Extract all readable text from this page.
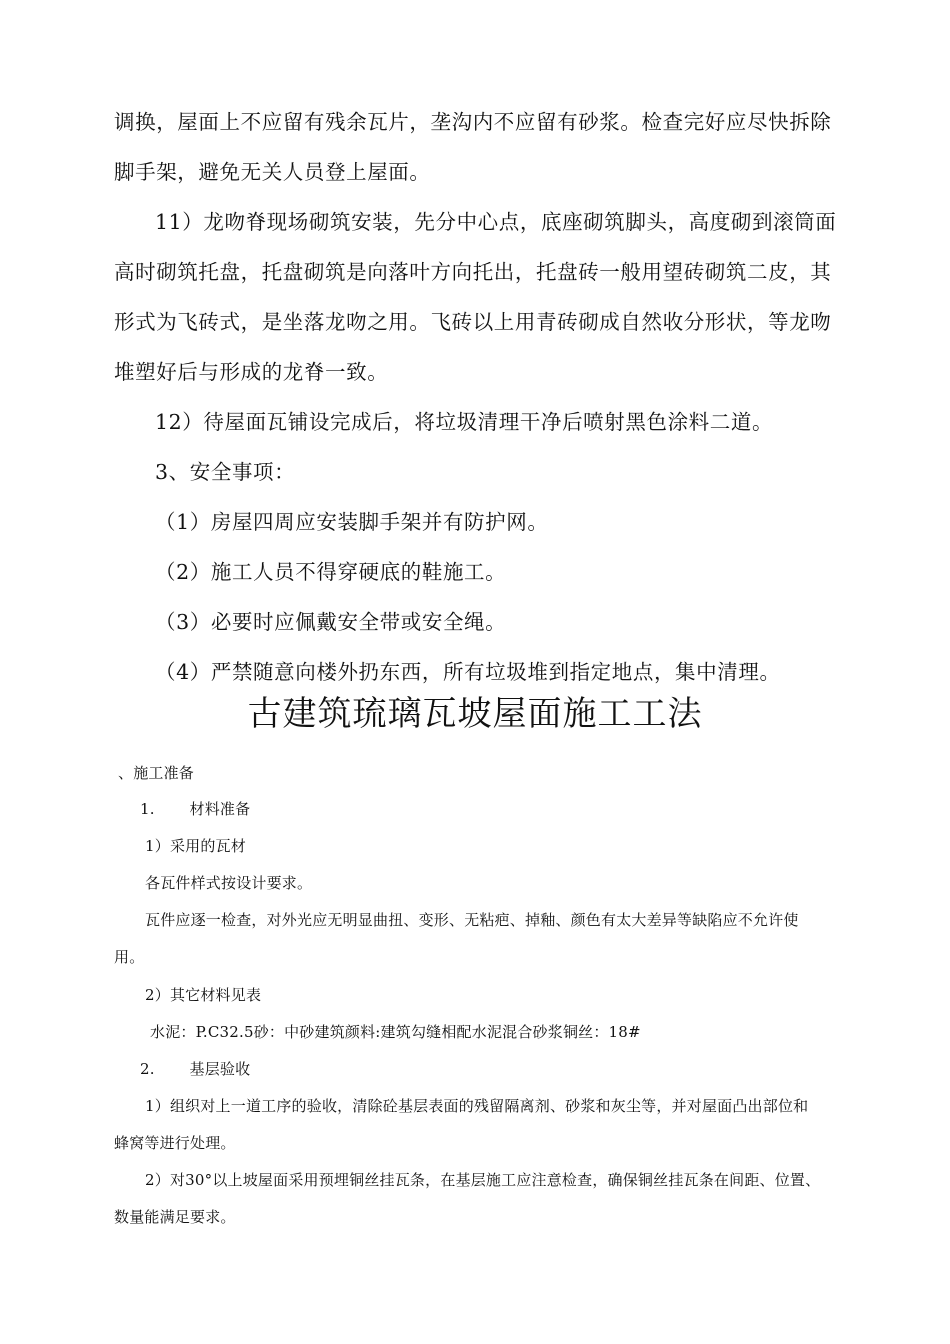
调换，屋面上不应留有残余瓦片，垄沟内不应留有砂浆。检查完好应尽快拆除
脚手架，避免无关人员登上屋面。
11）龙吻脊现场砌筑安装，先分中心点，底座砌筑脚头，高度砌到滚筒面
高时砌筑托盘，托盘砌筑是向落叶方向托出，托盘砖一般用望砖砌筑二皮，其
形式为飞砖式，是坐落龙吻之用。飞砖以上用青砖砌成自然收分形状，等龙吻
堆塑好后与形成的龙脊一致。
12）待屋面瓦铺设完成后，将垃圾清理干净后喷射黑色涂料二道。
3、安全事项：
（1）房屋四周应安装脚手架并有防护网。
（2）施工人员不得穿硬底的鞋施工。
（3）必要时应佩戴安全带或安全绳。
（4）严禁随意向楼外扔东西，所有垃圾堆到指定地点，集中清理。
古建筑琉璃瓦坡屋面施工工法
、施工准备
1.       材料准备
1）采用的瓦材
各瓦件样式按设计要求。
瓦件应逐一检查，对外光应无明显曲扭、变形、无粘疤、掉釉、颜色有太大差异等缺陷应不允许使
用。
2）其它材料见表
水泥：P.C32.5砂：中砂建筑颜料:建筑勾缝相配水泥混合砂浆铜丝：18#
2.       基层验收
1）组织对上一道工序的验收，清除砼基层表面的残留隔离剂、砂浆和灰尘等，并对屋面凸出部位和
蜂窝等进行处理。
2）对30°以上坡屋面采用预埋铜丝挂瓦条，在基层施工应注意检查，确保铜丝挂瓦条在间距、位置、
数量能满足要求。
